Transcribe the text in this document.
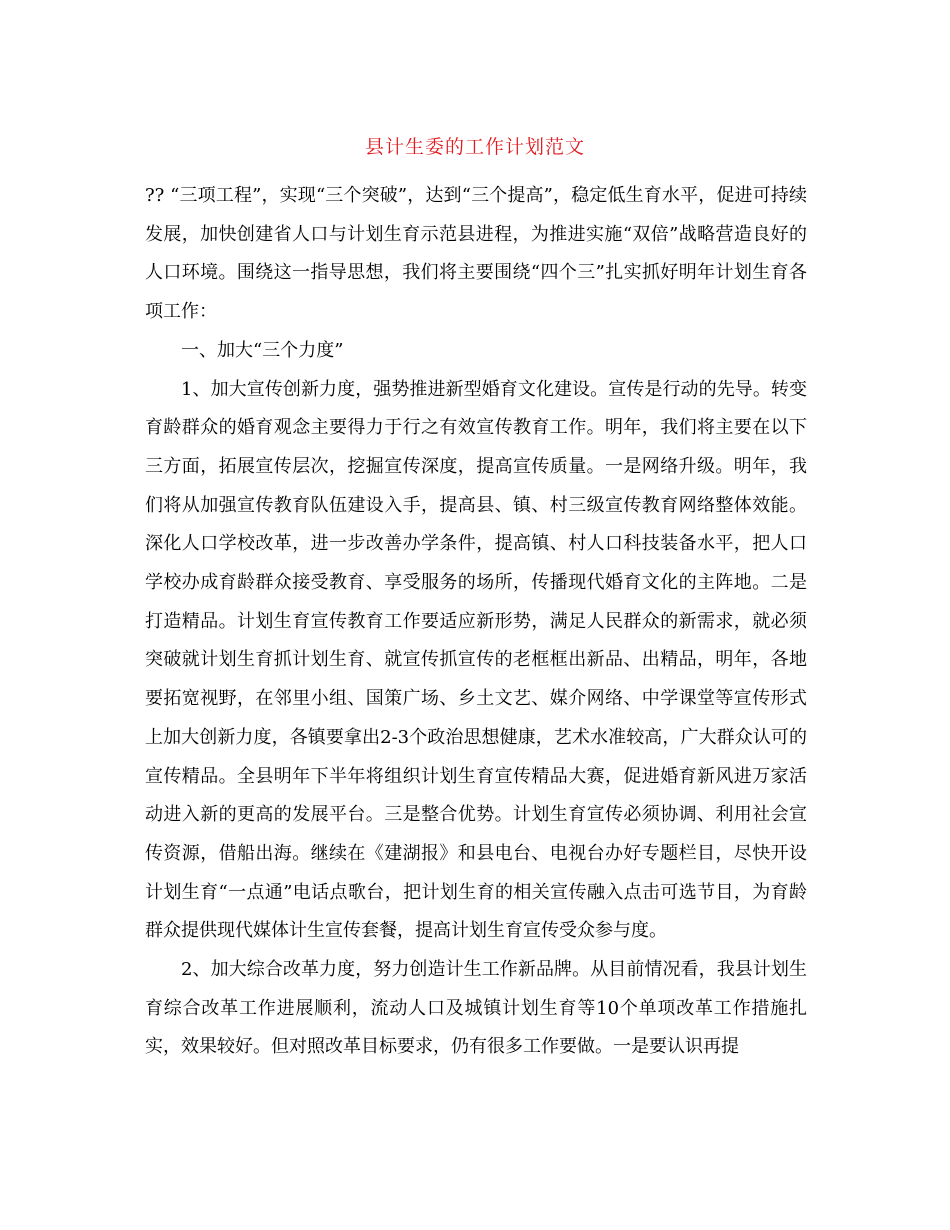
县计生委的工作计划范文

?? “三项工程”，实现“三个突破”，达到“三个提高”，稳定低生育水平，促进可持续发展，加快创建省人口与计划生育示范县进程，为推进实施“双倍”战略营造良好的人口环境。围绕这一指导思想，我们将主要围绕“四个三”扎实抓好明年计划生育各项工作：

一、加大“三个力度”

1、加大宣传创新力度，强势推进新型婚育文化建设。宣传是行动的先导。转变育龄群众的婚育观念主要得力于行之有效宣传教育工作。明年，我们将主要在以下三方面，拓展宣传层次，挖掘宣传深度，提高宣传质量。一是网络升级。明年，我们将从加强宣传教育队伍建设入手，提高县、镇、村三级宣传教育网络整体效能。深化人口学校改革，进一步改善办学条件，提高镇、村人口科技装备水平，把人口学校办成育龄群众接受教育、享受服务的场所，传播现代婚育文化的主阵地。二是打造精品。计划生育宣传教育工作要适应新形势，满足人民群众的新需求，就必须突破就计划生育抓计划生育、就宣传抓宣传的老框框出新品、出精品，明年，各地要拓宽视野，在邻里小组、国策广场、乡土文艺、媒介网络、中学课堂等宣传形式上加大创新力度，各镇要拿出2-3个政治思想健康，艺术水准较高，广大群众认可的宣传精品。全县明年下半年将组织计划生育宣传精品大赛，促进婚育新风进万家活动进入新的更高的发展平台。三是整合优势。计划生育宣传必须协调、利用社会宣传资源，借船出海。继续在《建湖报》和县电台、电视台办好专题栏目，尽快开设计划生育“一点通”电话点歌台，把计划生育的相关宣传融入点击可选节目，为育龄群众提供现代媒体计生宣传套餐，提高计划生育宣传受众参与度。

2、加大综合改革力度，努力创造计生工作新品牌。从目前情况看，我县计划生育综合改革工作进展顺利，流动人口及城镇计划生育等10个单项改革工作措施扎实，效果较好。但对照改革目标要求，仍有很多工作要做。一是要认识再提
